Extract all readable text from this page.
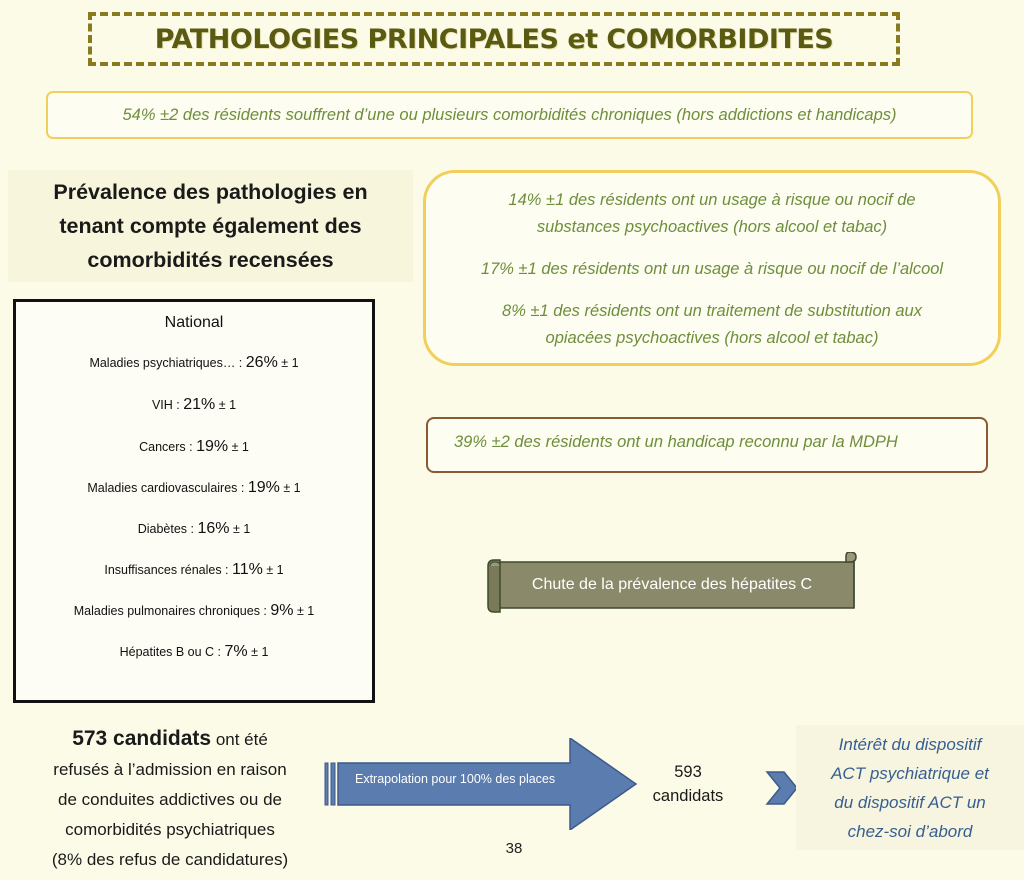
PATHOLOGIES PRINCIPALES et COMORBIDITES
54% ±2 des résidents souffrent d’une ou plusieurs comorbidités chroniques (hors addictions et handicaps)
Prévalence des pathologies en
tenant compte également des
comorbidités recensées

14% ±1 des résidents ont un usage à risque ou nocif de

substances psychoactives (hors alcool et tabac)

17% ±1 des résidents ont un usage à risque ou nocif de l’alcool

8% ±1 des résidents ont un traitement de substitution aux

opiacées psychoactives (hors alcool et tabac)

National
Maladies psychiatriques… : 26% ± 1
VIH : 21% ± 1
Cancers : 19% ± 1
Maladies cardiovasculaires : 19% ± 1
Diabètes : 16% ± 1
Insuffisances rénales : 11% ± 1
Maladies pulmonaires chroniques : 9% ± 1
Hépatites B ou C : 7% ± 1
39% ±2 des résidents ont un handicap reconnu par la MDPH
Chute de la prévalence des hépatites C
573 candidats ont été
refusés à l’admission en raison
de conduites addictives ou de
comorbidités psychiatriques
(8% des refus de candidatures)
Extrapolation pour 100% des places	593
candidats
Intérêt du dispositif
ACT psychiatrique et
du dispositif ACT un
chez-soi d’abord
38
